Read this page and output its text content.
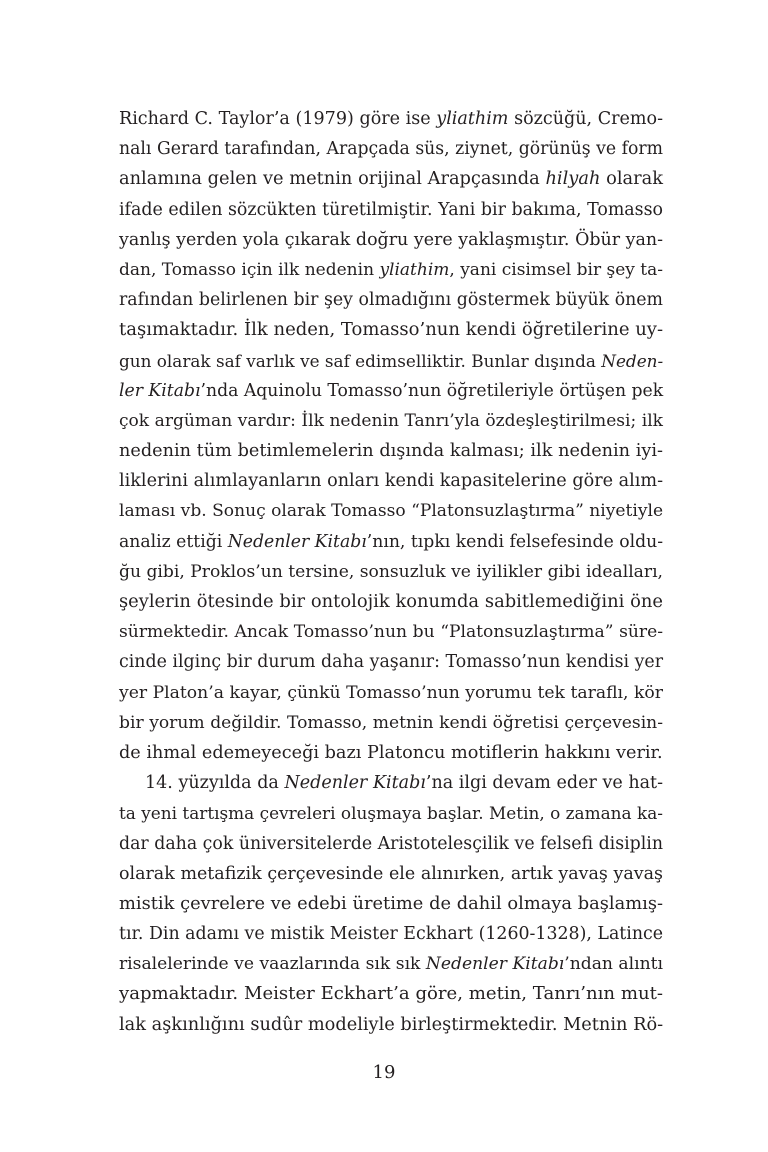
Richard C. Taylor’a (1979) göre ise yliathim sözcüğü, Cremo-
nalı Gerard tarafından, Arapçada süs, ziynet, görünüş ve form
anlamına gelen ve metnin orijinal Arapçasında hilyah olarak
ifade edilen sözcükten türetilmiştir. Yani bir bakıma, Tomasso
yanlış yerden yola çıkarak doğru yere yaklaşmıştır. Öbür yan-
dan, Tomasso için ilk nedenin yliathim, yani cisimsel bir şey ta-
rafından belirlenen bir şey olmadığını göstermek büyük önem
taşımaktadır. İlk neden, Tomasso’nun kendi öğretilerine uy-
gun olarak saf varlık ve saf edimselliktir. Bunlar dışında Neden-
ler Kitabı’nda Aquinolu Tomasso’nun öğretileriyle örtüşen pek
çok argüman vardır: İlk nedenin Tanrı’yla özdeşleştirilmesi; ilk
nedenin tüm betimlemelerin dışında kalması; ilk nedenin iyi-
liklerini alımlayanların onları kendi kapasitelerine göre alım-
laması vb. Sonuç olarak Tomasso “Platonsuzlaştırma” niyetiyle
analiz ettiği Nedenler Kitabı’nın, tıpkı kendi felsefesinde oldu-
ğu gibi, Proklos’un tersine, sonsuzluk ve iyilikler gibi idealları,
şeylerin ötesinde bir ontolojik konumda sabitlemediğini öne
sürmektedir. Ancak Tomasso’nun bu “Platonsuzlaştırma” süre-
cinde ilginç bir durum daha yaşanır: Tomasso’nun kendisi yer
yer Platon’a kayar, çünkü Tomasso’nun yorumu tek taraflı, kör
bir yorum değildir. Tomasso, metnin kendi öğretisi çerçevesin-
de ihmal edemeyeceği bazı Platoncu motiflerin hakkını verir.
14. yüzyılda da Nedenler Kitabı’na ilgi devam eder ve hat-
ta yeni tartışma çevreleri oluşmaya başlar. Metin, o zamana ka-
dar daha çok üniversitelerde Aristotelesçilik ve felsefi disiplin
olarak metafizik çerçevesinde ele alınırken, artık yavaş yavaş
mistik çevrelere ve edebi üretime de dahil olmaya başlamış-
tır. Din adamı ve mistik Meister Eckhart (1260-1328), Latince
risalelerinde ve vaazlarında sık sık Nedenler Kitabı’ndan alıntı
yapmaktadır. Meister Eckhart’a göre, metin, Tanrı’nın mut-
lak aşkınlığını sudûr modeliyle birleştirmektedir. Metnin Rö-
19
